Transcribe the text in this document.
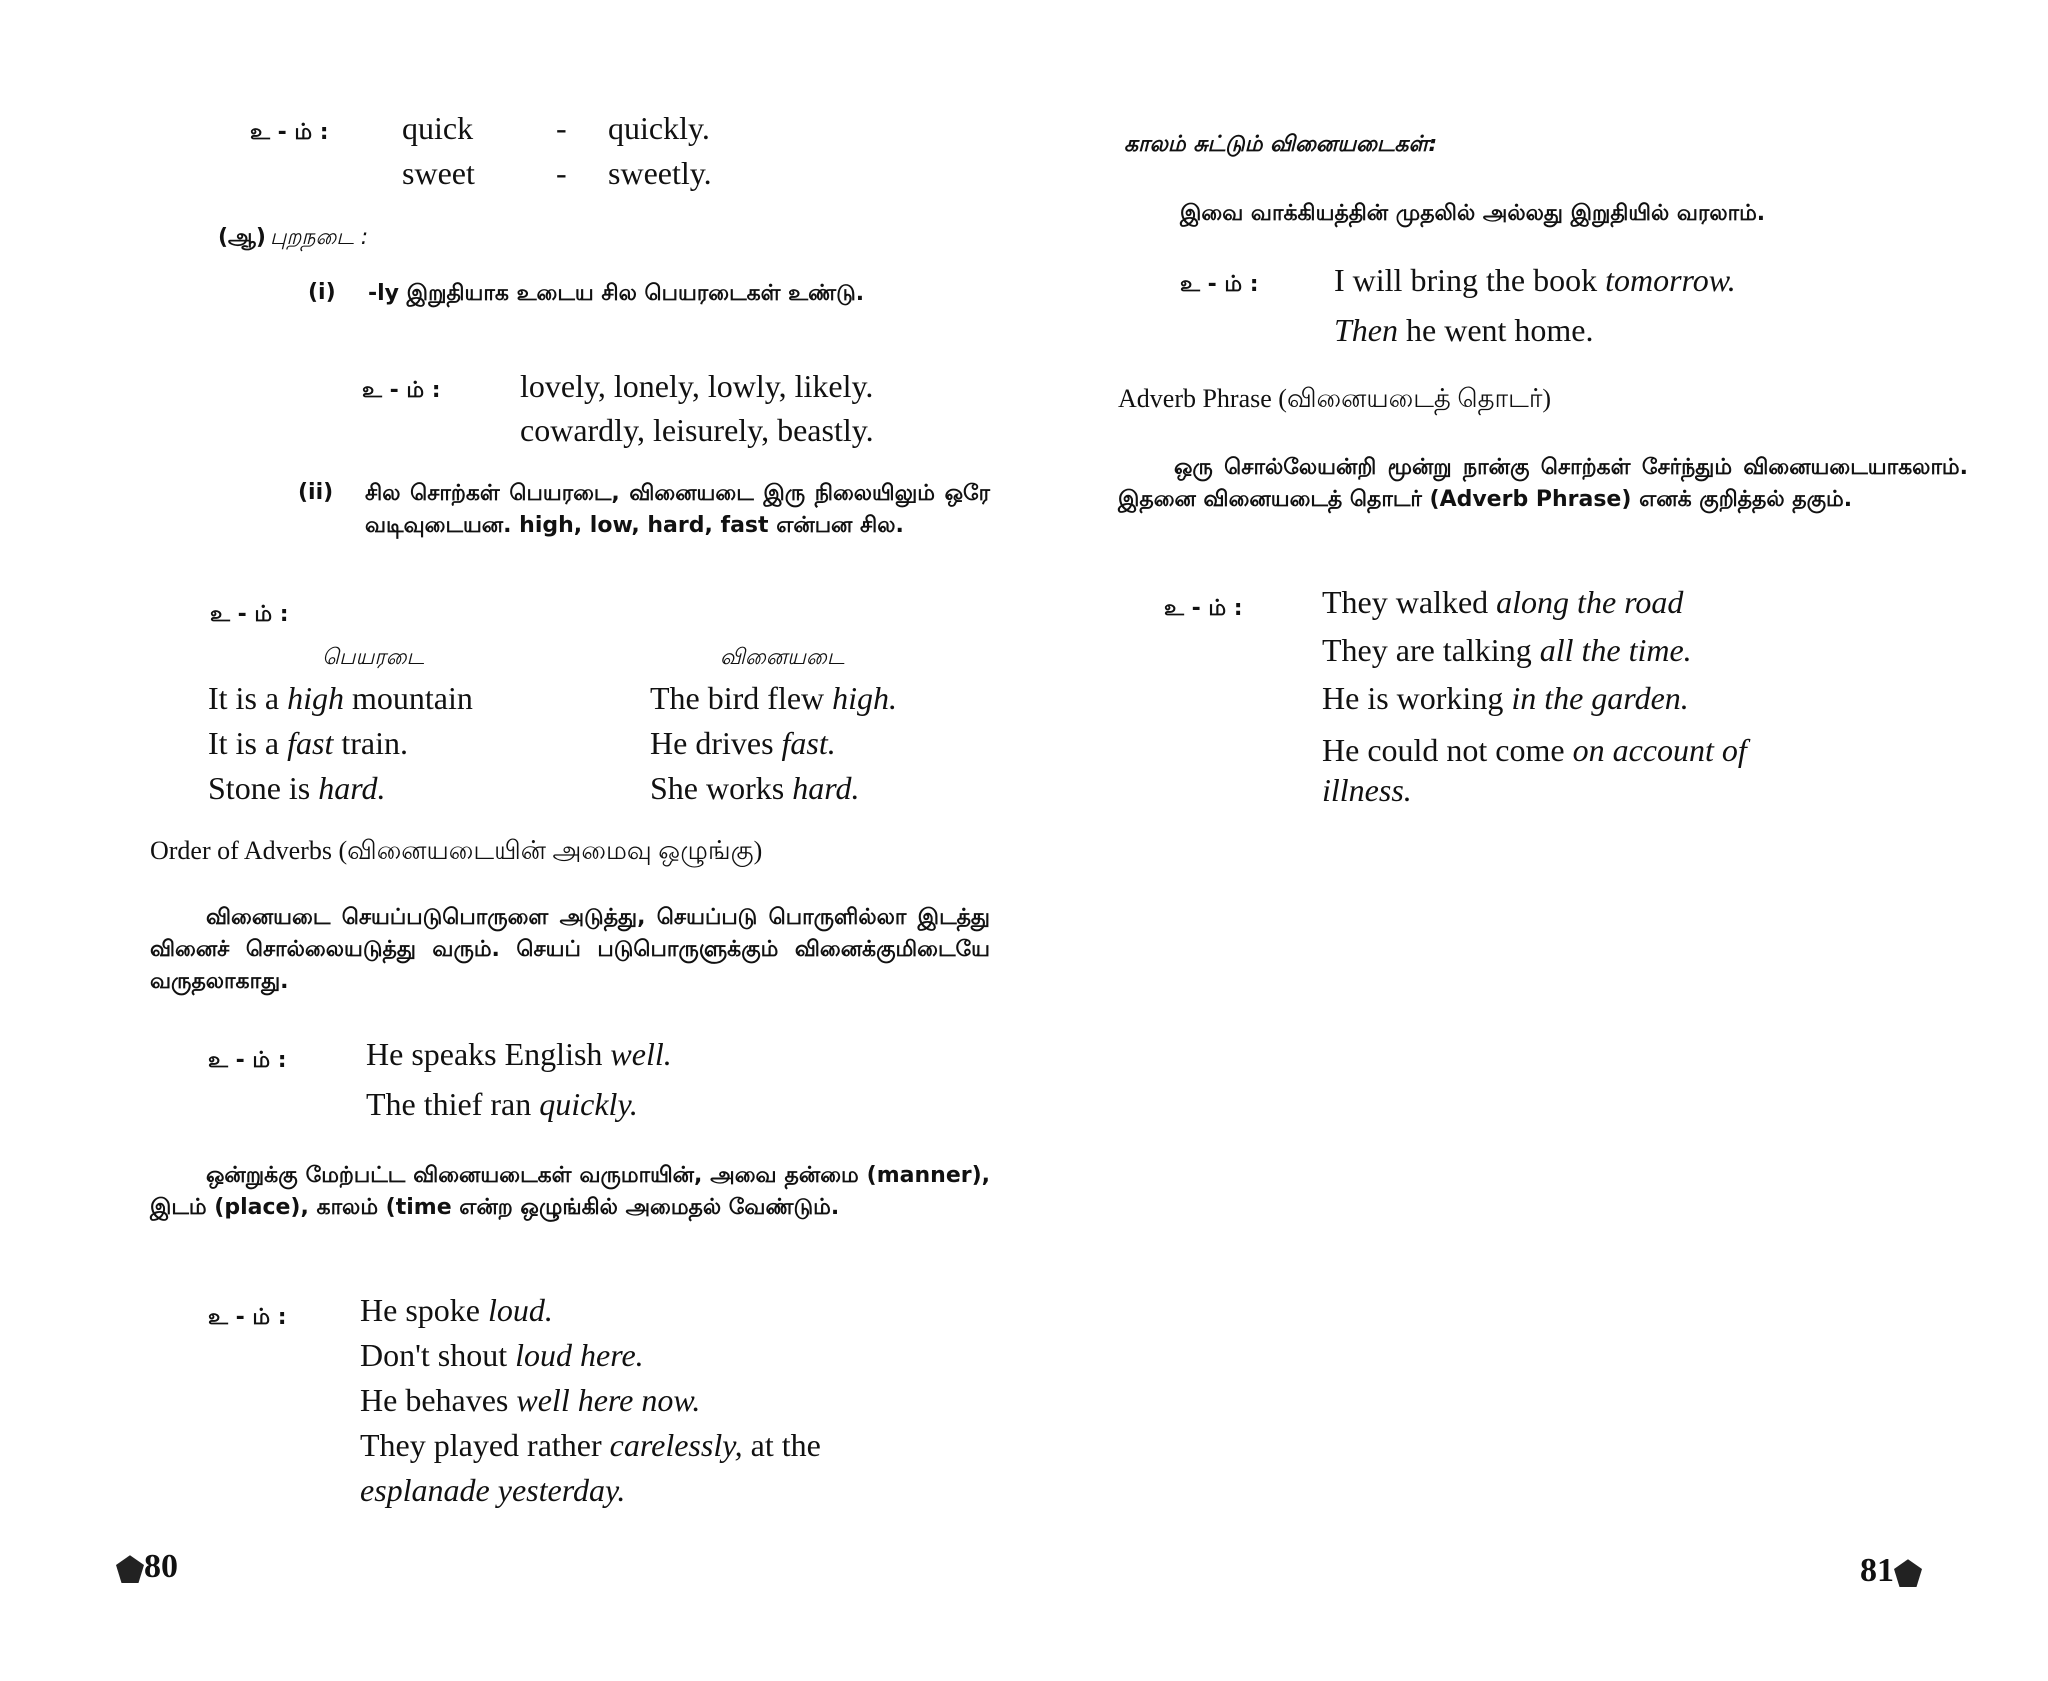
உ - ம் : quick	- quickly.
sweet	- sweetly.
(ஆ) புறநடை :
(i) -ly இறுதியாக உடைய சில பெயரடைகள் உண்டு.
உ - ம் : lovely, lonely, lowly, likely.
cowardly, leisurely, beastly.
(ii) சில சொற்கள் பெயரடை, வினையடை இரு நிலையிலும் ஒரே வடிவுடையன. high, low, hard, fast என்பன சில.
உ - ம் :
பெயரடை	வினையடை
It is a high mountain	The bird flew high.
It is a fast train.	He drives fast.
Stone is hard.	She works hard.
Order of Adverbs (வினையடையின் அமைவு ஒழுங்கு)
வினையடை செயப்படுபொருளை அடுத்து, செயப்படு பொருளில்லா இடத்து வினைச் சொல்லையடுத்து வரும். செயப் படுபொருளுக்கும் வினைக்குமிடையே வருதலாகாது.
உ - ம் : He speaks English well.
The thief ran quickly.
ஒன்றுக்கு மேற்பட்ட வினையடைகள் வருமாயின், அவை தன்மை (manner), இடம் (place), காலம் (time என்ற ஒழுங்கில் அமைதல் வேண்டும்.
உ - ம் : He spoke loud.
Don't shout loud here.
He behaves well here now.
They played rather carelessly, at the
esplanade yesterday.
80
காலம் சுட்டும் வினையடைகள்:
இவை வாக்கியத்தின் முதலில் அல்லது இறுதியில் வரலாம்.
உ - ம் : I will bring the book tomorrow.
Then he went home.
Adverb Phrase (வினையடைத் தொடர்)
ஒரு சொல்லேயன்றி மூன்று நான்கு சொற்கள் சேர்ந்தும் வினையடையாகலாம். இதனை வினையடைத் தொடர் (Adverb Phrase) எனக் குறித்தல் தகும்.
உ - ம் : They walked along the road
They are talking all the time.
He is working in the garden.
He could not come on account of
illness.
81
